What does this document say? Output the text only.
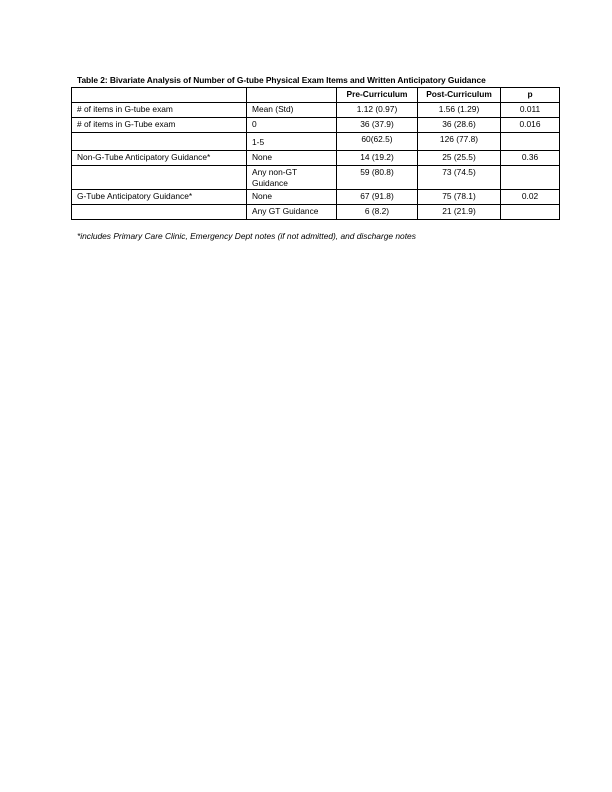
Table 2: Bivariate Analysis of Number of G-tube Physical Exam Items and Written Anticipatory Guidance
		Pre-Curriculum	Post-Curriculum	p
# of items in G-tube exam	Mean (Std)	1.12 (0.97)	1.56 (1.29)	0.011
# of items in G-Tube exam	0	36 (37.9)	36 (28.6)	0.016
	1-5	60(62.5)	126 (77.8)	
Non-G-Tube Anticipatory Guidance*	None	14 (19.2)	25 (25.5)	0.36
	Any non-GT Guidance	59 (80.8)	73 (74.5)	
G-Tube Anticipatory Guidance*	None	67 (91.8)	75 (78.1)	0.02
	Any GT Guidance	6 (8.2)	21 (21.9)	
*includes Primary Care Clinic, Emergency Dept notes (if not admitted), and discharge notes
